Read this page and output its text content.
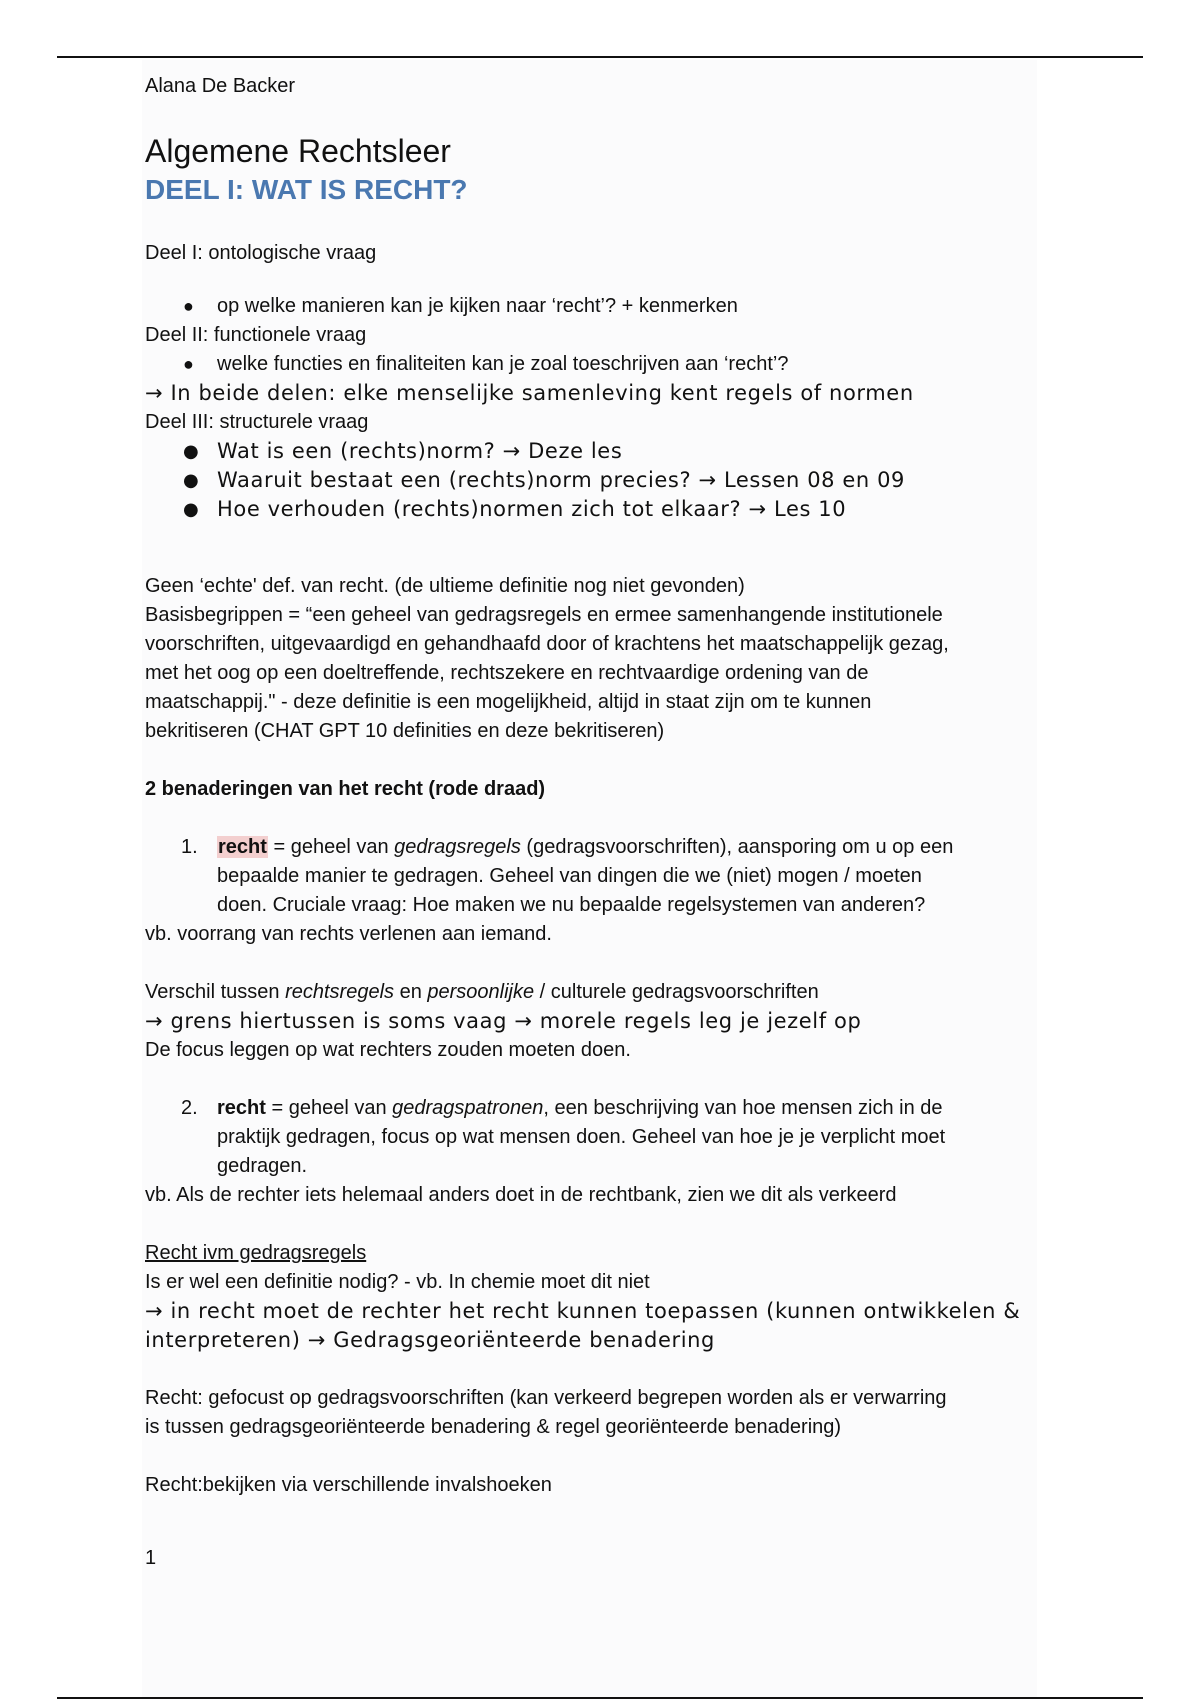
Alana De Backer
Algemene Rechtsleer
DEEL I: WAT IS RECHT?
Deel I: ontologische vraag
● op welke manieren kan je kijken naar ‘recht’? + kenmerken
Deel II: functionele vraag
● welke functies en finaliteiten kan je zoal toeschrijven aan ‘recht’?
→ In beide delen: elke menselijke samenleving kent regels of normen
Deel III: structurele vraag
● Wat is een (rechts)norm? → Deze les
● Waaruit bestaat een (rechts)norm precies? → Lessen 08 en 09
● Hoe verhouden (rechts)normen zich tot elkaar? → Les 10
Geen ‘echte' def. van recht. (de ultieme definitie nog niet gevonden)
Basisbegrippen = “een geheel van gedragsregels en ermee samenhangende institutionele
voorschriften, uitgevaardigd en gehandhaafd door of krachtens het maatschappelijk gezag,
met het oog op een doeltreffende, rechtszekere en rechtvaardige ordening van de
maatschappij." - deze definitie is een mogelijkheid, altijd in staat zijn om te kunnen
bekritiseren (CHAT GPT 10 definities en deze bekritiseren)
2 benaderingen van het recht (rode draad)
1. recht = geheel van gedragsregels (gedragsvoorschriften), aansporing om u op een
bepaalde manier te gedragen. Geheel van dingen die we (niet) mogen / moeten
doen. Cruciale vraag: Hoe maken we nu bepaalde regelsystemen van anderen?
vb. voorrang van rechts verlenen aan iemand.
Verschil tussen rechtsregels en persoonlijke / culturele gedragsvoorschriften
→ grens hiertussen is soms vaag → morele regels leg je jezelf op
De focus leggen op wat rechters zouden moeten doen.
2. recht = geheel van gedragspatronen, een beschrijving van hoe mensen zich in de
praktijk gedragen, focus op wat mensen doen. Geheel van hoe je je verplicht moet
gedragen.
vb. Als de rechter iets helemaal anders doet in de rechtbank, zien we dit als verkeerd
Recht ivm gedragsregels
Is er wel een definitie nodig? - vb. In chemie moet dit niet
→ in recht moet de rechter het recht kunnen toepassen (kunnen ontwikkelen &
interpreteren) → Gedragsgeoriënteerde benadering
Recht: gefocust op gedragsvoorschriften (kan verkeerd begrepen worden als er verwarring
is tussen gedragsgeoriënteerde benadering & regel georiënteerde benadering)
Recht:bekijken via verschillende invalshoeken
1
